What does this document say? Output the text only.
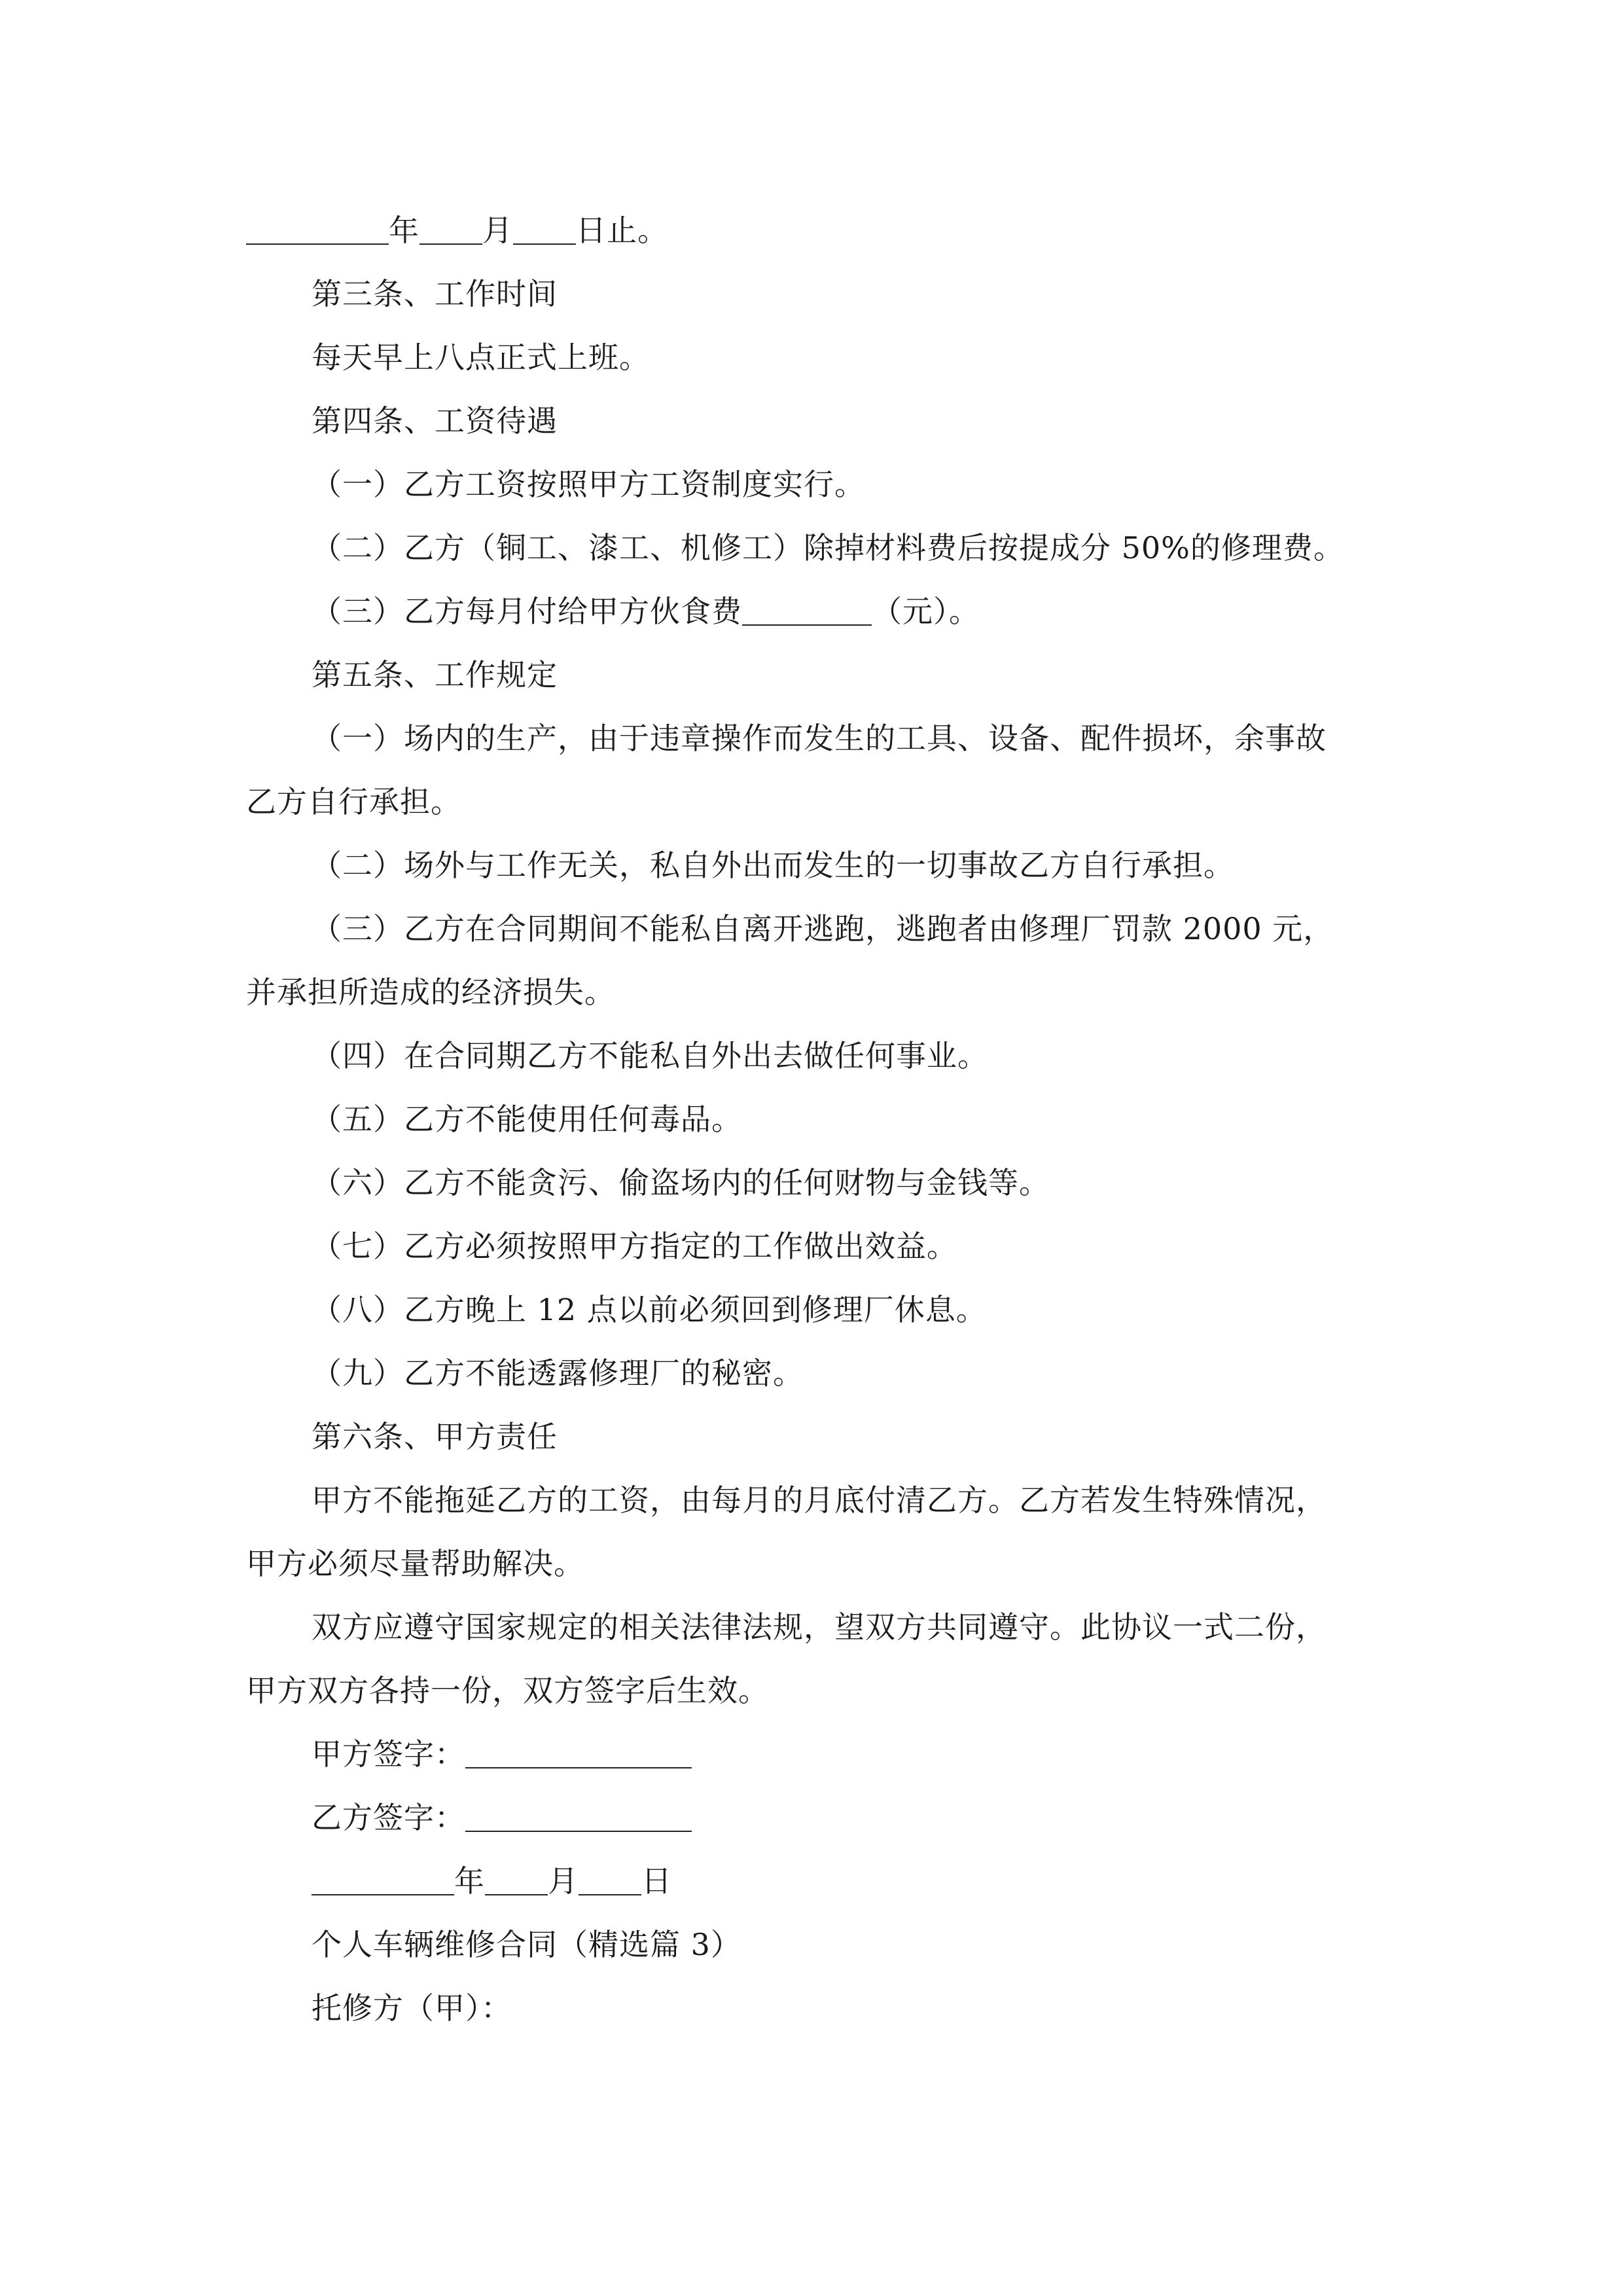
年 月 日止。
第三条、工作时间
每天早上八点正式上班。
第四条、工资待遇
（一）乙方工资按照甲方工资制度实行。
（二）乙方（铜工、漆工、机修工）除掉材料费后按提成分 50%的修理费。
（三）乙方每月付给甲方伙食费	（元）。
第五条、工作规定
（一）场内的生产，由于违章操作而发生的工具、设备、配件损坏，余事故
乙方自行承担。
（二）场外与工作无关，私自外出而发生的一切事故乙方自行承担。
（三）乙方在合同期间不能私自离开逃跑，逃跑者由修理厂罚款 2000 元，
并承担所造成的经济损失。
（四）在合同期乙方不能私自外出去做任何事业。
（五）乙方不能使用任何毒品。
（六）乙方不能贪污、偷盗场内的任何财物与金钱等。
（七）乙方必须按照甲方指定的工作做出效益。
（八）乙方晚上 12 点以前必须回到修理厂休息。
（九）乙方不能透露修理厂的秘密。
第六条、甲方责任
甲方不能拖延乙方的工资，由每月的月底付清乙方。乙方若发生特殊情况，
甲方必须尽量帮助解决。
双方应遵守国家规定的相关法律法规，望双方共同遵守。此协议一式二份，
甲方双方各持一份，双方签字后生效。
甲方签字：
乙方签字：
年 月 日
个人车辆维修合同（精选篇 3）
托修方（甲）：
